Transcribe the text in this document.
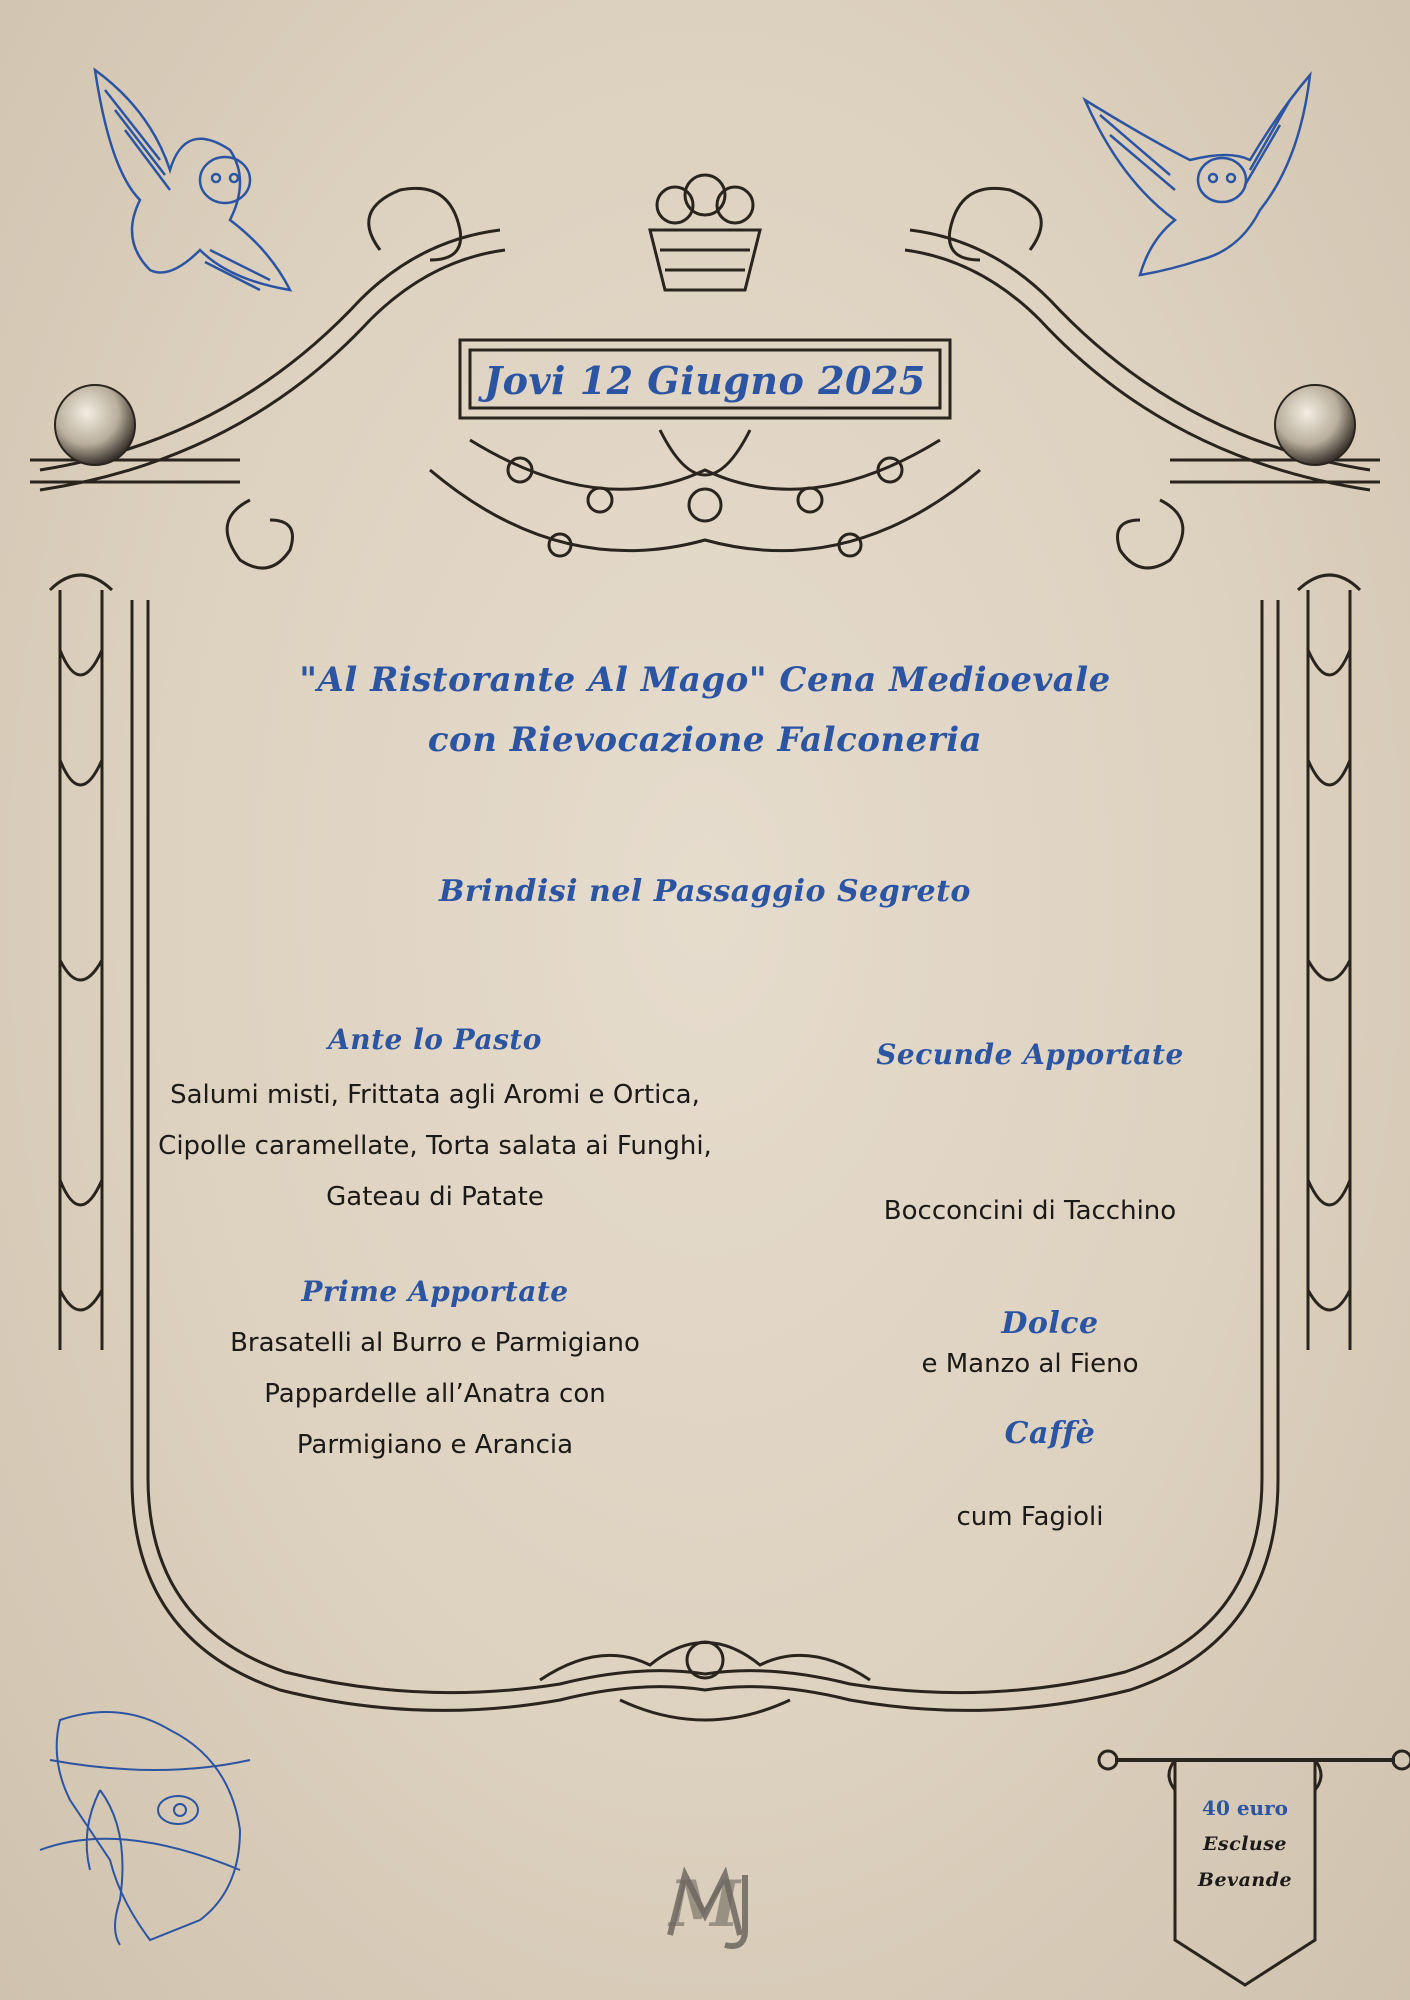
Jovi 12 Giugno 2025
"Al Ristorante Al Mago" Cena Medioevale
con Rievocazione Falconeria
Brindisi nel Passaggio Segreto
Ante lo Pasto
Salumi misti, Frittata agli Aromi e Ortica,
Cipolle caramellate, Torta salata ai Funghi,
Gateau di Patate
Prime Apportate
Brasatelli al Burro e Parmigiano
Pappardelle all’Anatra con
Parmigiano e Arancia
Secunde Apportate

Bocconcini di Tacchino

e Manzo al Fieno

cum Fagioli

Dolce
Caffè
40 euro
Escluse
Bevande
M
